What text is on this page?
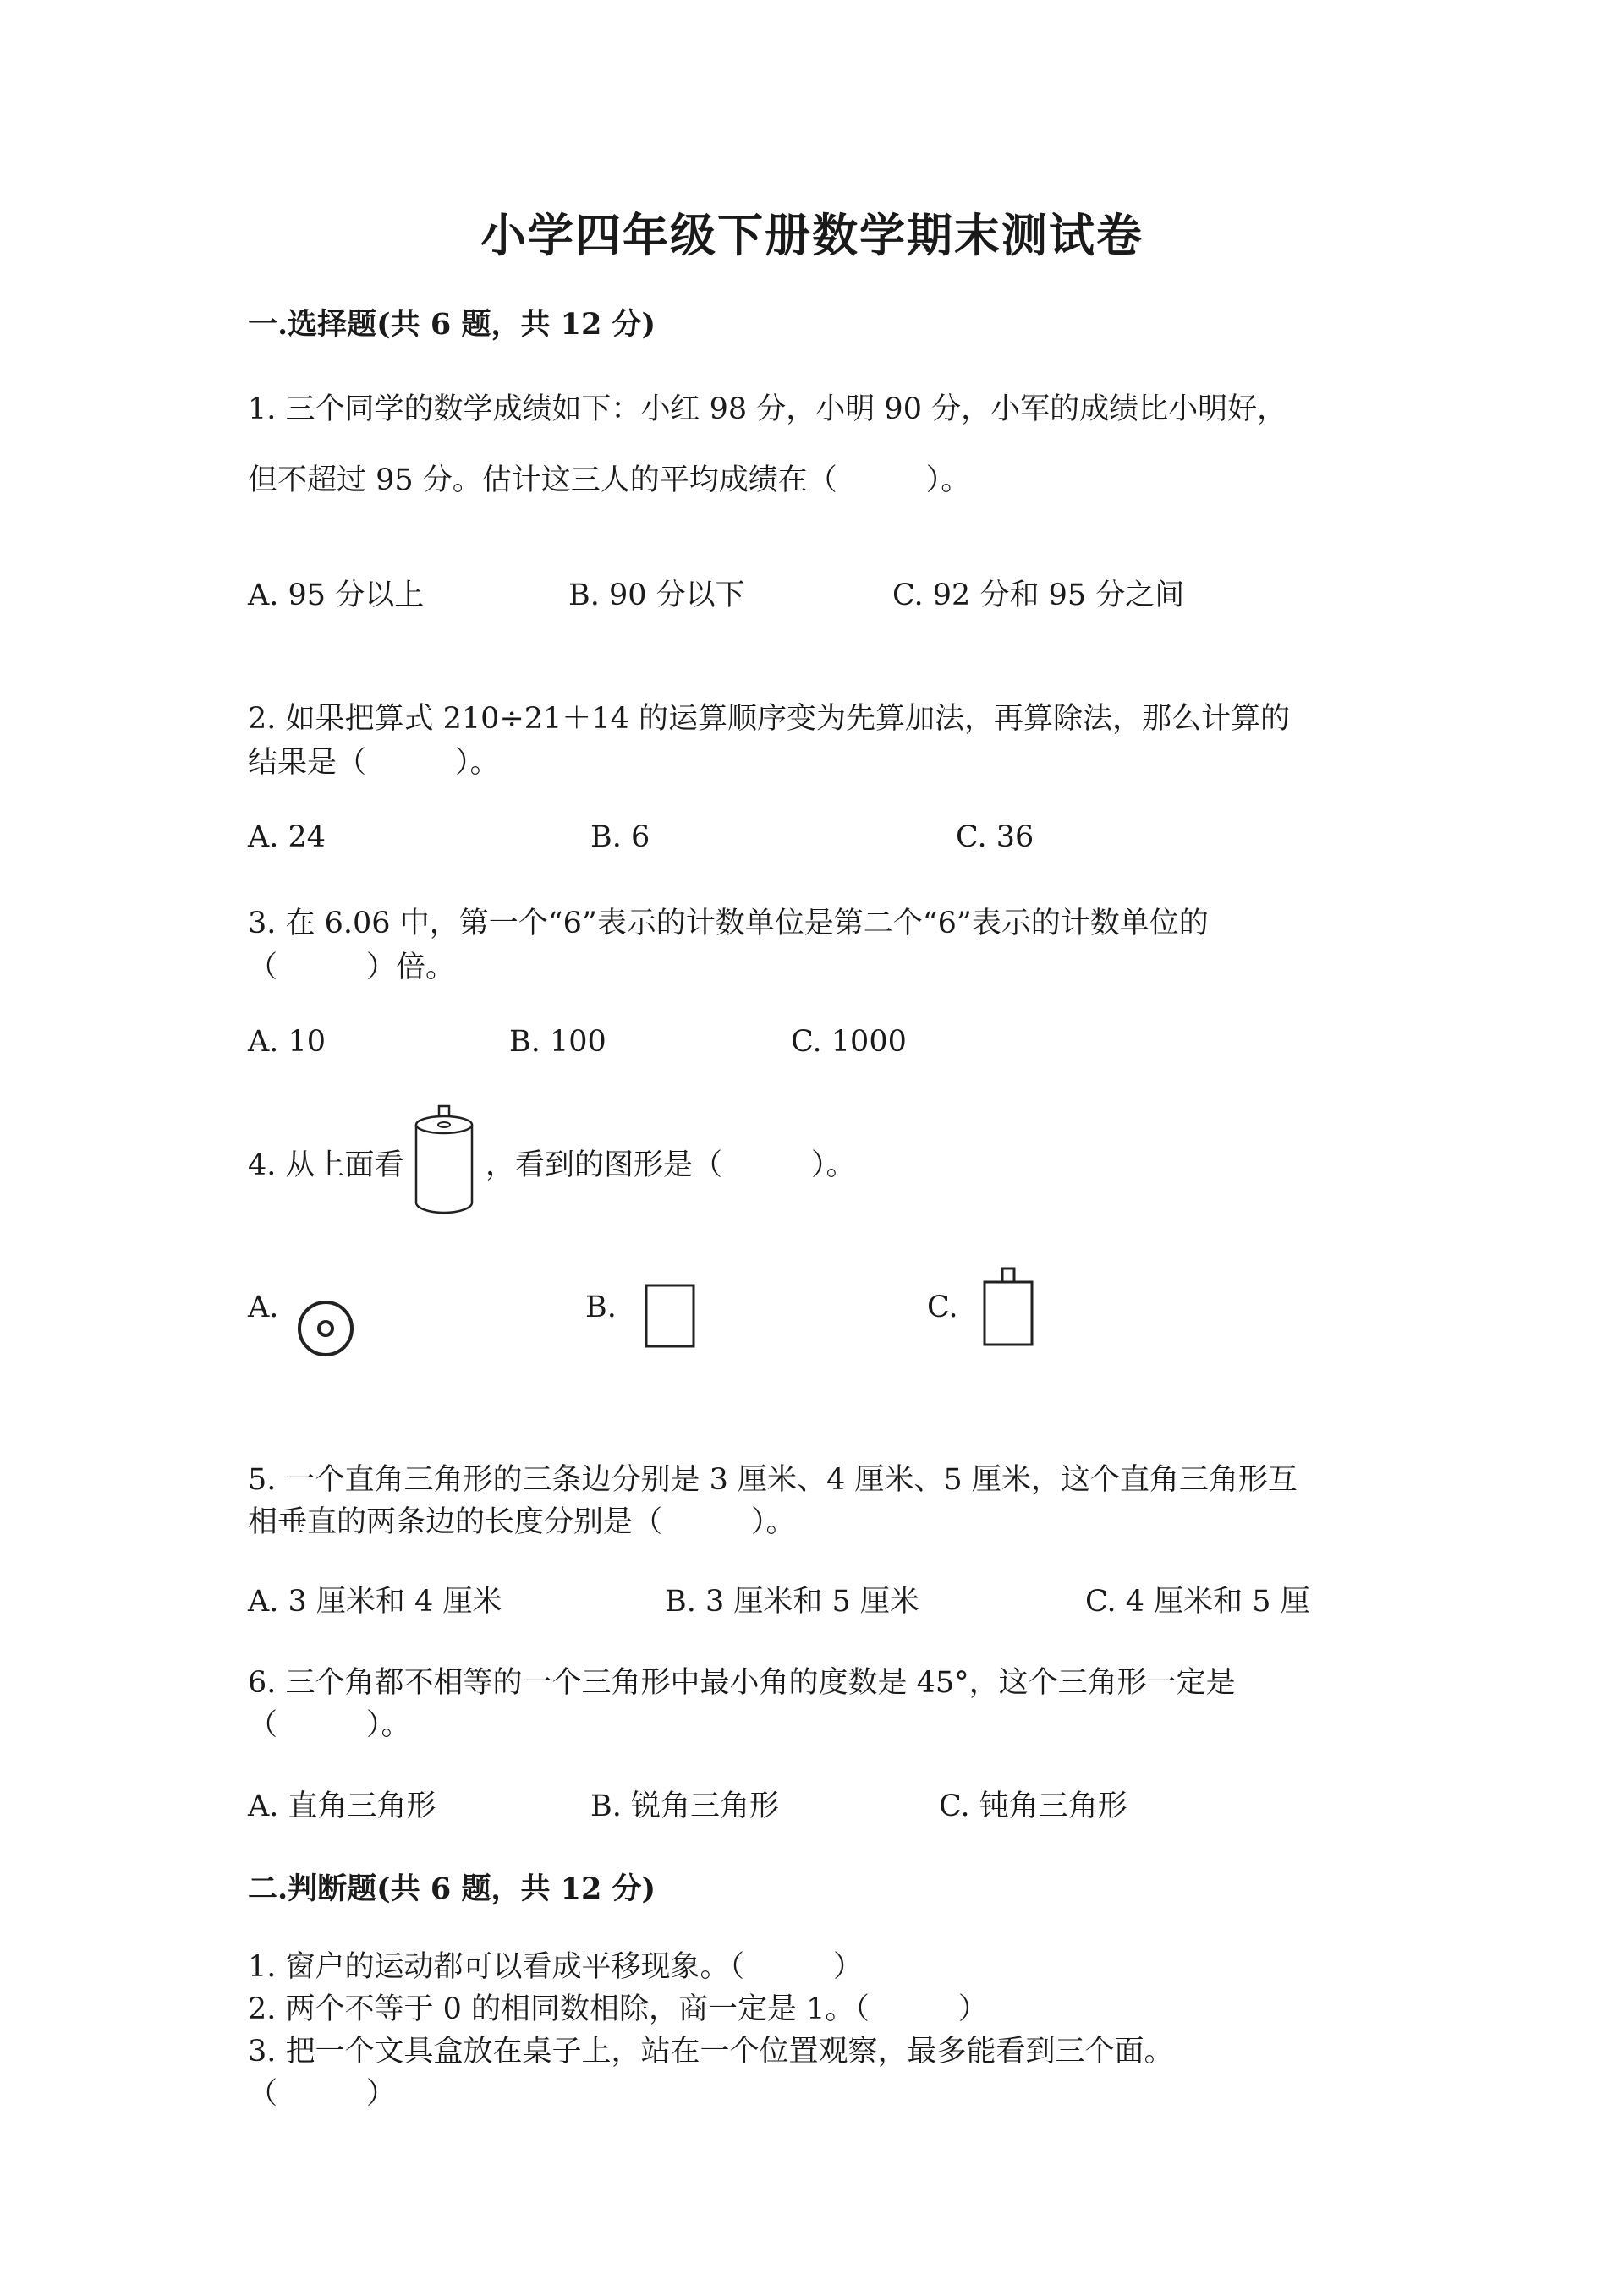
小学四年级下册数学期末测试卷
一.选择题(共 6 题，共 12 分)
1. 三个同学的数学成绩如下：小红 98 分，小明 90 分，小军的成绩比小明好，
但不超过 95 分。估计这三人的平均成绩在（　　　）。
A. 95 分以上	B. 90 分以下	C. 92 分和 95 分之间
2. 如果把算式 210÷21＋14 的运算顺序变为先算加法，再算除法，那么计算的
结果是（　　　）。
A. 24	B. 6	C. 36
3. 在 6.06 中，第一个“6”表示的计数单位是第二个“6”表示的计数单位的
（　　　）倍。
A. 10	B. 100	C. 1000
4. 从上面看	，看到的图形是（　　　）。
A.	B.	C.
5. 一个直角三角形的三条边分别是 3 厘米、4 厘米、5 厘米，这个直角三角形互
相垂直的两条边的长度分别是（　　　）。
A. 3 厘米和 4 厘米	B. 3 厘米和 5 厘米	C. 4 厘米和 5 厘
6. 三个角都不相等的一个三角形中最小角的度数是 45°，这个三角形一定是
（　　　）。
A. 直角三角形	B. 锐角三角形	C. 钝角三角形
二.判断题(共 6 题，共 12 分)
1. 窗户的运动都可以看成平移现象。（　　　）
2. 两个不等于 0 的相同数相除，商一定是 1。（　　　）
3. 把一个文具盒放在桌子上，站在一个位置观察，最多能看到三个面。
（　　　）
